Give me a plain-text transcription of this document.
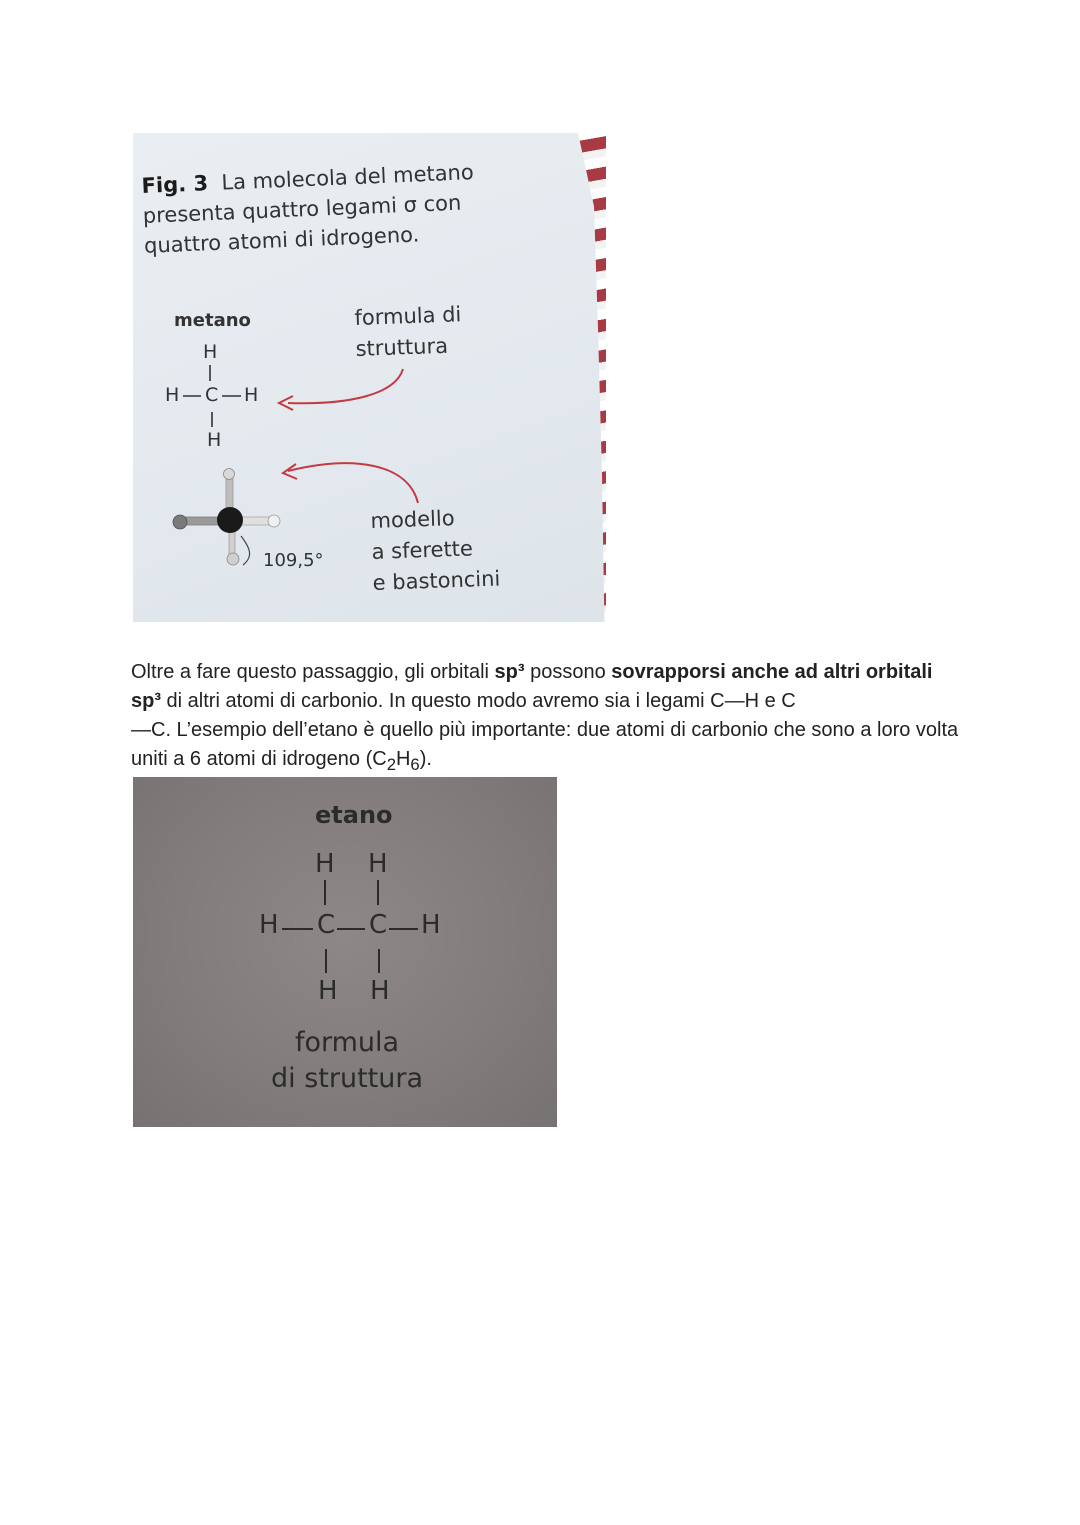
Fig. 3 La molecola del metano
presenta quattro legami σ con
quattro atomi di idrogeno.
metano	formula di
struttura
H
H C H
H
modello
a sferette
e bastoncini
109,5°
Oltre a fare questo passaggio, gli orbitali sp³ possono sovrapporsi anche ad altri orbitali sp³ di altri atomi di carbonio. In questo modo avremo sia i legami C—H e C
—C. L’esempio dell’etano è quello più importante: due atomi di carbonio che sono a loro volta uniti a 6 atomi di idrogeno $(C_2H_6)$.
etano
H H
H C C H
H H
formula
di struttura
